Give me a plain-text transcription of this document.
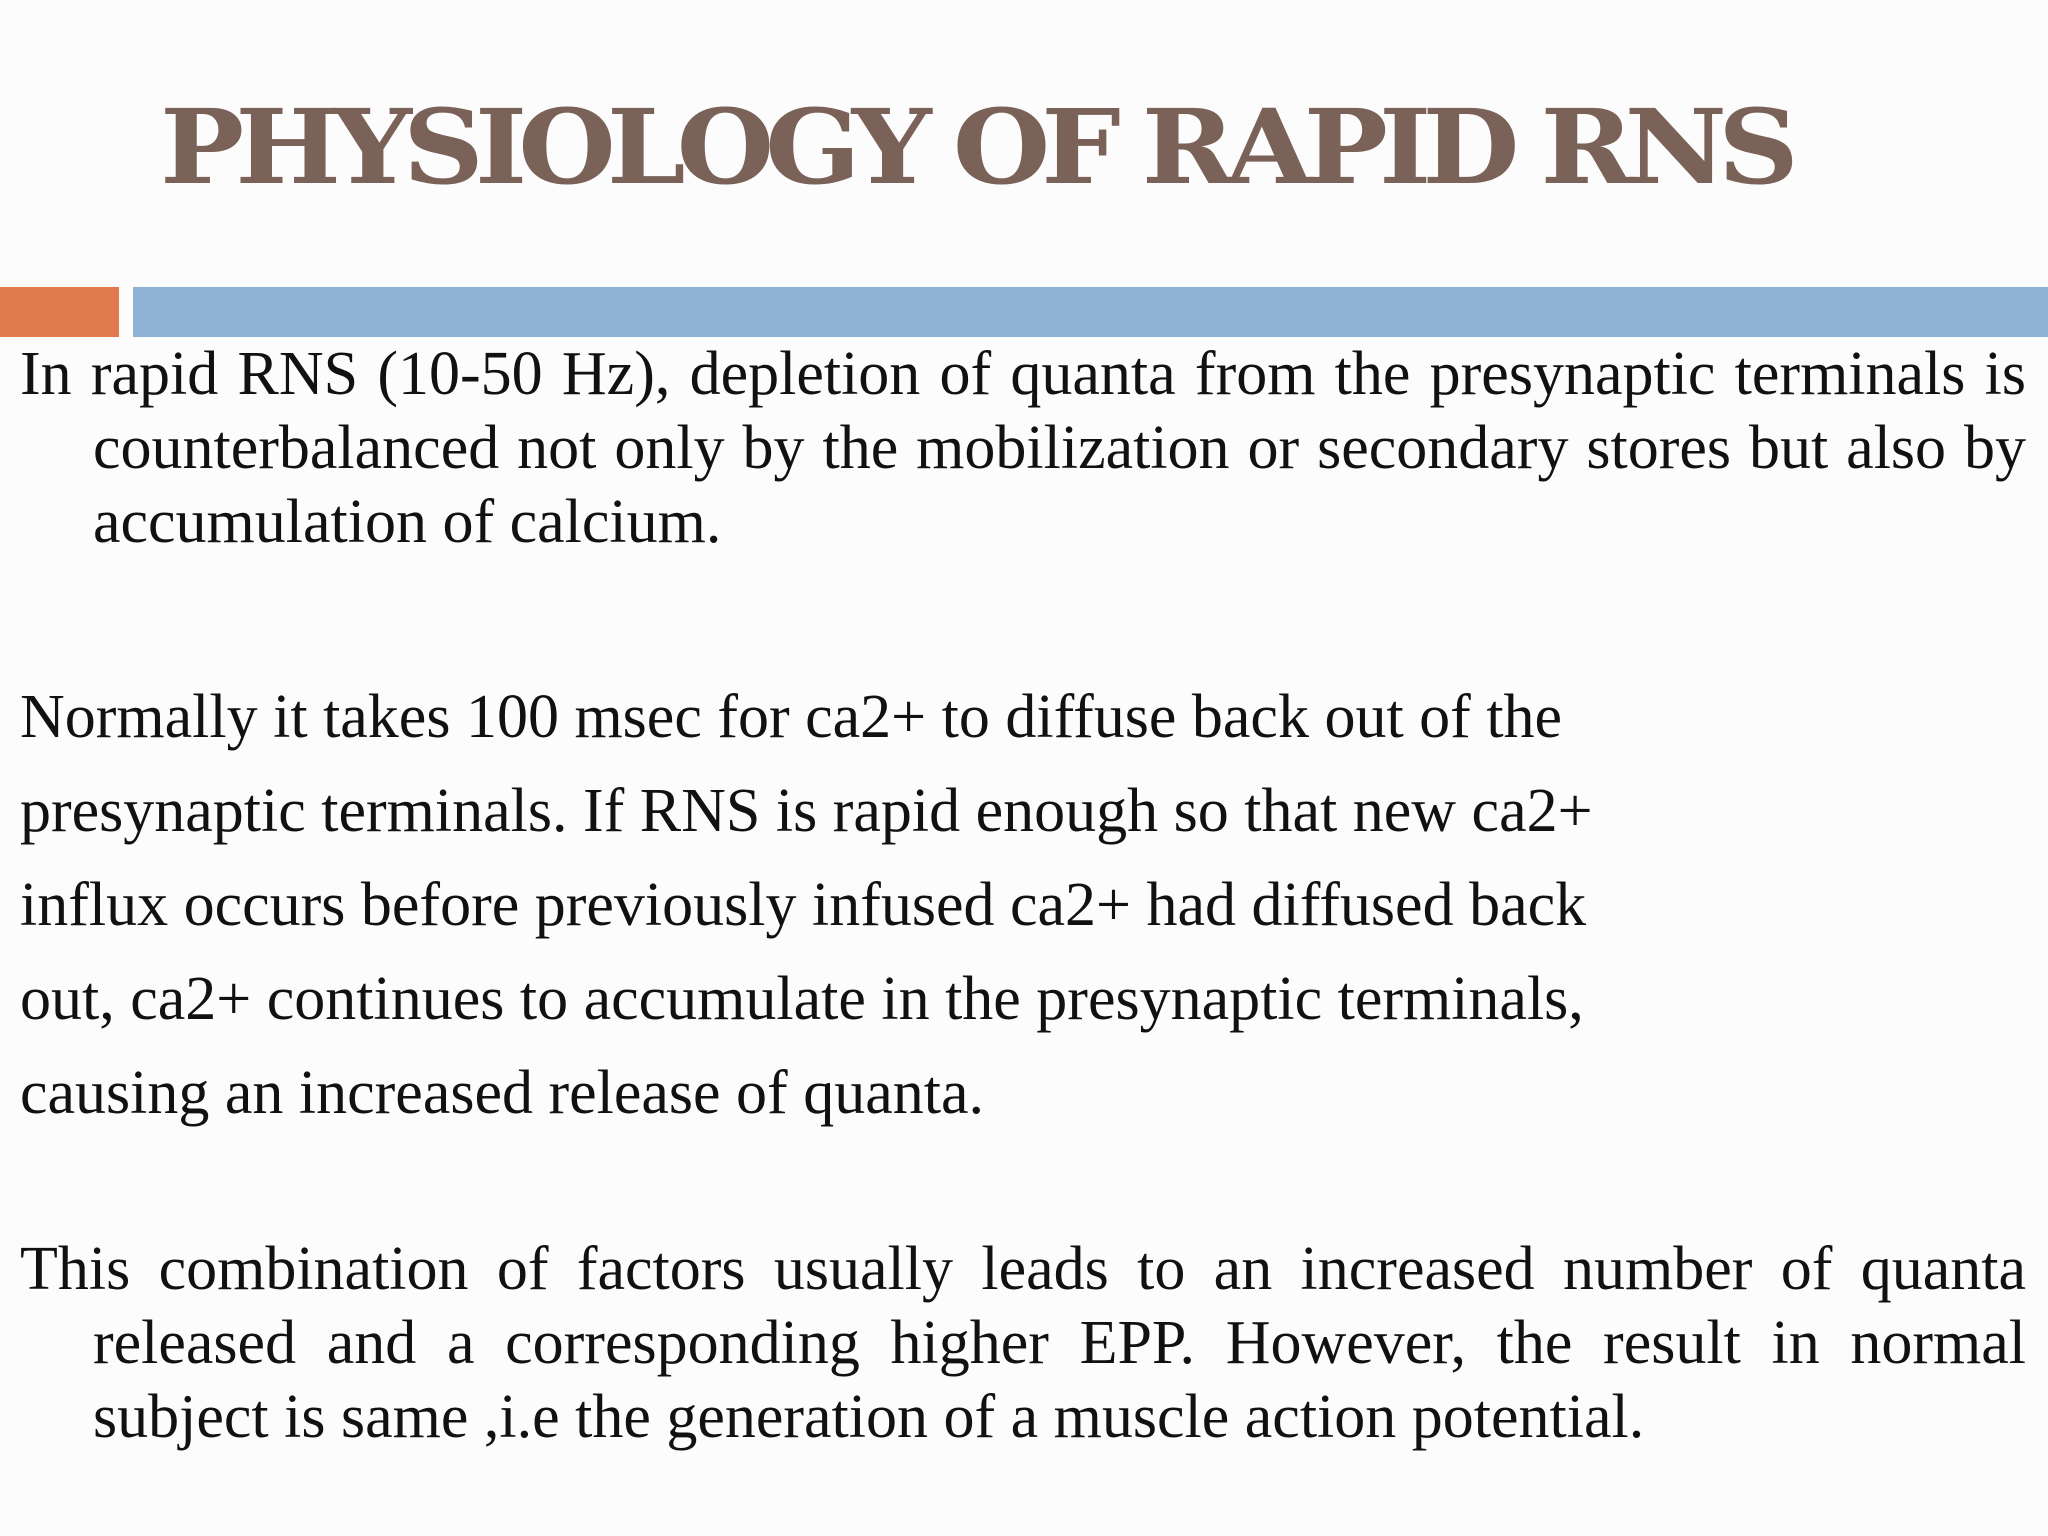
PHYSIOLOGY OF RAPID RNS

In rapid RNS (10-50 Hz), depletion of quanta from the presynaptic terminals is counterbalanced not only by the mobilization or secondary stores but also by accumulation of calcium.

Normally it takes 100 msec for ca2+ to diffuse back out of the
presynaptic terminals. If RNS is rapid enough so that new ca2+
influx occurs before previously infused ca2+ had diffused back
out, ca2+ continues to accumulate in the presynaptic terminals,
causing an increased release of quanta.

This combination of factors usually leads to an increased number of quanta released and a corresponding higher EPP. However, the result in normal subject is same ,i.e the generation of a muscle action potential.
